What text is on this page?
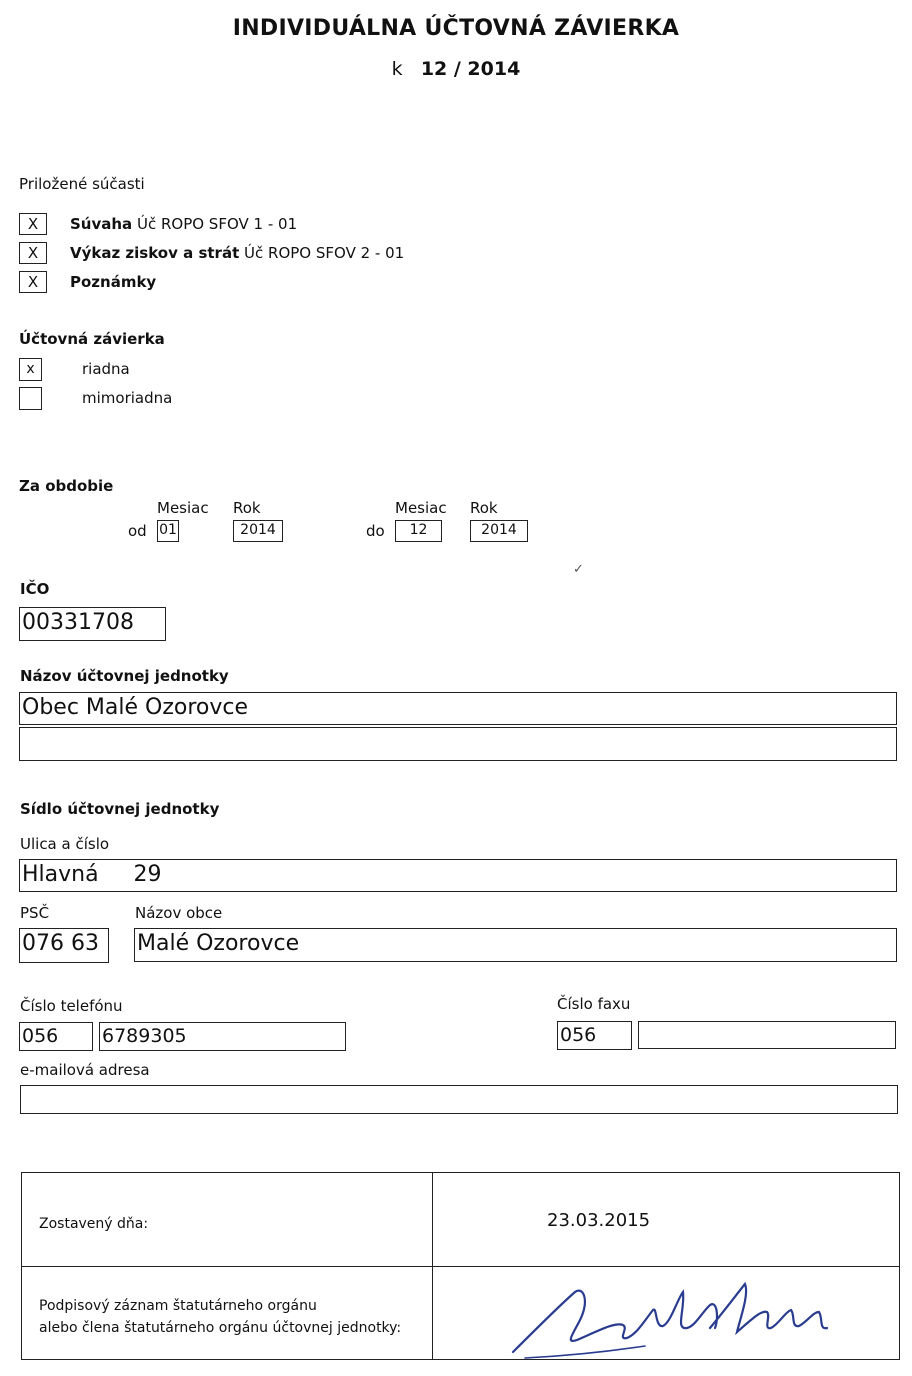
INDIVIDUÁLNA ÚČTOVNÁ ZÁVIERKA
k 12 / 2014
Priložené súčasti
X	Súvaha Úč ROPO SFOV 1 - 01
X	Výkaz ziskov a strát Úč ROPO SFOV 2 - 01
X	Poznámky
Účtovná závierka
x	riadna
mimoriadna
Za obdobie
Mesiac Rok	Mesiac Rok
od 01	2014	do	12	2014
✓
IČO
00331708
Názov účtovnej jednotky
Obec Malé Ozorovce
Sídlo účtovnej jednotky
Ulica a číslo
Hlavná     29
PSČ	Názov obce
076 63	Malé Ozorovce
Číslo telefónu	Číslo faxu
056	6789305	056
e-mailová adresa
Zostavený dňa:	23.03.2015
Podpisový záznam štatutárneho orgánu
alebo člena štatutárneho orgánu účtovnej jednotky:
